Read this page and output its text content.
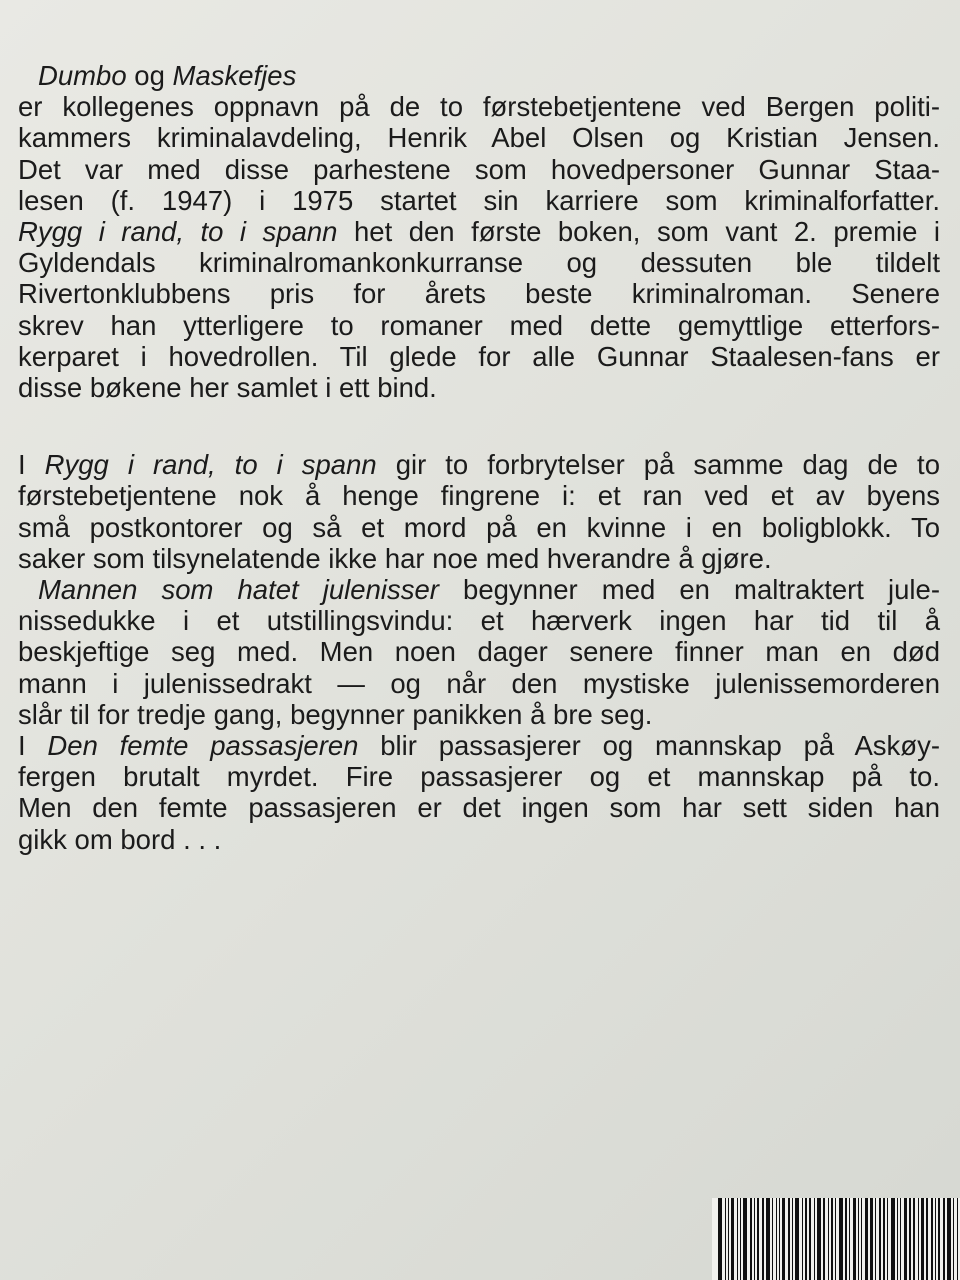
Dumbo og Maskefjes
er kollegenes oppnavn på de to førstebetjentene ved Bergen politi-
kammers kriminalavdeling, Henrik Abel Olsen og Kristian Jensen.
Det var med disse parhestene som hovedpersoner Gunnar Staa-
lesen (f. 1947) i 1975 startet sin karriere som kriminalforfatter.
Rygg i rand, to i spann het den første boken, som vant 2. premie i
Gyldendals kriminalromankonkurranse og dessuten ble tildelt
Rivertonklubbens pris for årets beste kriminalroman. Senere
skrev han ytterligere to romaner med dette gemyttlige etterfors-
kerparet i hovedrollen. Til glede for alle Gunnar Staalesen-fans er
disse bøkene her samlet i ett bind.
I Rygg i rand, to i spann gir to forbrytelser på samme dag de to
førstebetjentene nok å henge fingrene i: et ran ved et av byens
små postkontorer og så et mord på en kvinne i en boligblokk. To
saker som tilsynelatende ikke har noe med hverandre å gjøre.
Mannen som hatet julenisser begynner med en maltraktert jule-
nissedukke i et utstillingsvindu: et hærverk ingen har tid til å
beskjeftige seg med. Men noen dager senere finner man en død
mann i julenissedrakt — og når den mystiske julenissemorderen
slår til for tredje gang, begynner panikken å bre seg.
I Den femte passasjeren blir passasjerer og mannskap på Askøy-
fergen brutalt myrdet. Fire passasjerer og et mannskap på to.
Men den femte passasjeren er det ingen som har sett siden han
gikk om bord . . .
